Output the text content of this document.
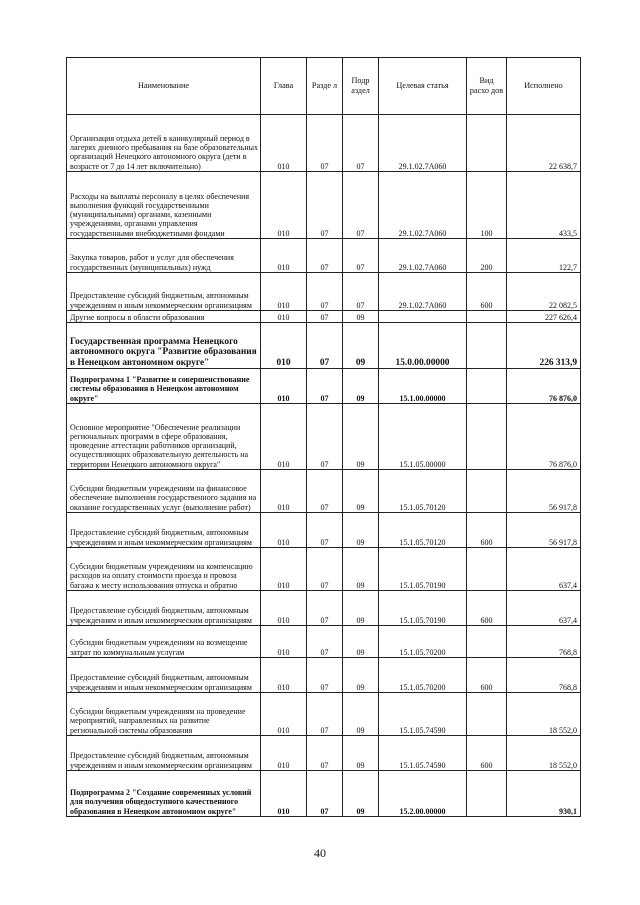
Наименование	Глава	Разде л	Подр аздел	Целевая статья	Вид расхо дов	Исполнено
Организация отдыха детей в каникулярный период в лагерях дневного пребывания на базе образовательных организаций Ненецкого автономного округа (дети в возрасте от 7 до 14 лет включительно)	010	07	07	29.1.02.7А060		22 638,7
Расходы на выплаты персоналу в целях обеспечения выполнения функций государственными (муниципальными) органами, казенными учреждениями, органами управления государственными внебюджетными фондами	010	07	07	29.1.02.7А060	100	433,5
Закупка товаров, работ и услуг для обеспечения государственных (муниципальных) нужд	010	07	07	29.1.02.7А060	200	122,7
Предоставление субсидий бюджетным, автономным учреждениям и иным некоммерческим организациям	010	07	07	29.1.02.7А060	600	22 082,5
Другие вопросы в области образования	010	07	09			227 626,4
Государственная программа Ненецкого автономного округа "Развитие образования в Ненецком автономном округе"	010	07	09	15.0.00.00000		226 313,9
Подпрограмма 1 "Развитие и совершенствование системы образования в Ненецком автономном округе"	010	07	09	15.1.00.00000		76 876,0
Основное мероприятие "Обеспечение реализации региональных программ в сфере образования, проведение аттестации работников организаций, осуществляющих образовательную деятельность на территории Ненецкого автономного округа"	010	07	09	15.1.05.00000		76 876,0
Субсидии бюджетным учреждениям на финансовое обеспечение выполнения государственного задания на оказание государственных услуг (выполнение работ)	010	07	09	15.1.05.70120		56 917,8
Предоставление субсидий бюджетным, автономным учреждениям и иным некоммерческим организациям	010	07	09	15.1.05.70120	600	56 917,8
Субсидии бюджетным учреждениям на компенсацию расходов на оплату стоимости проезда и провоза багажа к месту использования отпуска и обратно	010	07	09	15.1.05.70190		637,4
Предоставление субсидий бюджетным, автономным учреждениям и иным некоммерческим организациям	010	07	09	15.1.05.70190	600	637,4
Субсидии бюджетным учреждениям на возмещение затрат по коммунальным услугам	010	07	09	15.1.05.70200		768,8
Предоставление субсидий бюджетным, автономным учреждениям и иным некоммерческим организациям	010	07	09	15.1.05.70200	600	768,8
Субсидии бюджетным учреждениям на проведение мероприятий, направленных на развитие региональной системы образования	010	07	09	15.1.05.74590		18 552,0
Предоставление субсидий бюджетным, автономным учреждениям и иным некоммерческим организациям	010	07	09	15.1.05.74590	600	18 552,0
Подпрограмма 2 "Создание современных условий для получения общедоступного качественного образования в Ненецком автономном округе"	010	07	09	15.2.00.00000		930,1
40
